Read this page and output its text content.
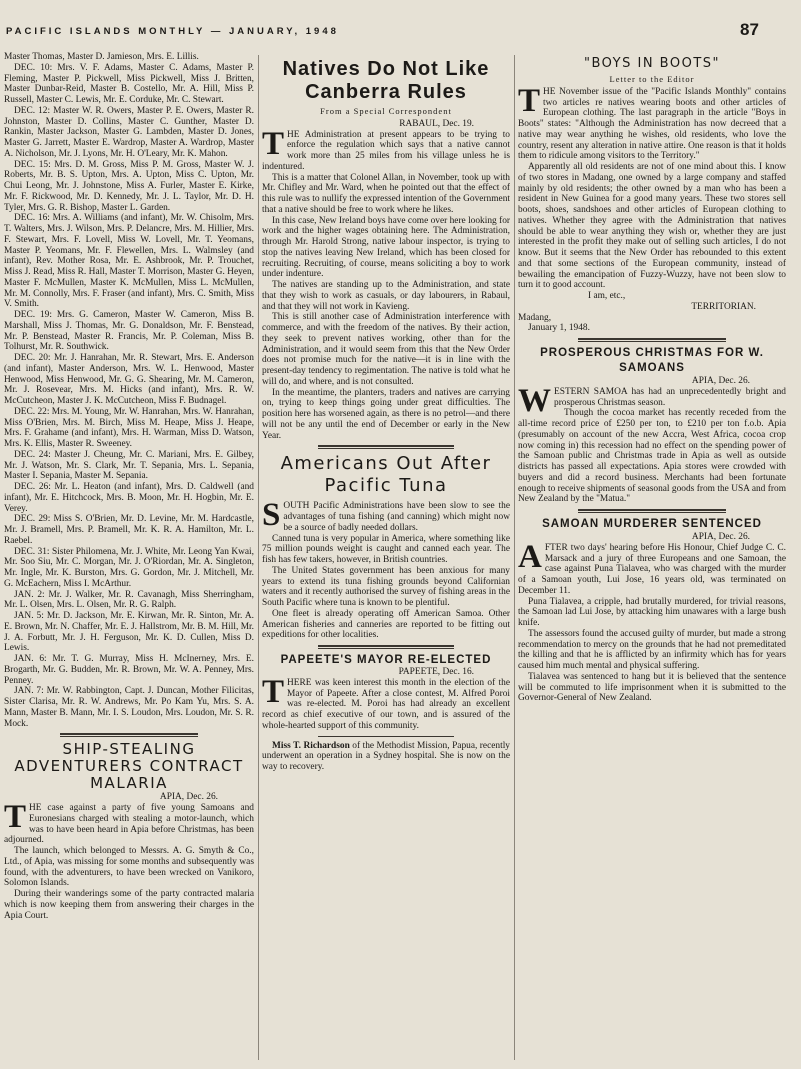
PACIFIC ISLANDS MONTHLY — JANUARY, 1948	87

Master Thomas, Master D. Jamieson, Mrs. E. Lillis.

DEC. 10: Mrs. V. F. Adams, Master C. Adams, Master P. Fleming, Master P. Pickwell, Miss Pickwell, Miss J. Britten, Master Dunbar-Reid, Master B. Costello, Mr. A. Hill, Miss P. Russell, Master C. Lewis, Mr. E. Corduke, Mr. C. Stewart.

DEC. 12: Master W. R. Owers, Master P. E. Owers, Master R. Johnston, Master D. Collins, Master C. Gunther, Master D. Rankin, Master Jackson, Master G. Lambden, Master D. Jones, Master G. Jarrett, Master E. Wardrop, Master A. Wardrop, Master A. Nicholson, Mr. J. Lyons, Mr. H. O'Leary, Mr. K. Mahon.

DEC. 15: Mrs. D. M. Gross, Miss P. M. Gross, Master W. J. Roberts, Mr. B. S. Upton, Mrs. A. Upton, Miss C. Upton, Mr. Chui Leong, Mr. J. Johnstone, Miss A. Furler, Master E. Kirke, Mr. F. Rickwood, Mr. D. Kennedy, Mr. J. L. Taylor, Mr. D. H. Tyler, Mrs. G. R. Bishop, Master L. Garden.

DEC. 16: Mrs. A. Williams (and infant), Mr. W. Chisolm, Mrs. T. Walters, Mrs. J. Wilson, Mrs. P. Delancre, Mrs. M. Hillier, Mrs. F. Stewart, Mrs. F. Lovell, Miss W. Lovell, Mr. T. Yeomans, Master P. Yeomans, Mr. F. Flewellen, Mrs. L. Walmsley (and infant), Rev. Mother Rosa, Mr. E. Ashbrook, Mr. P. Trouchet, Miss J. Read, Miss R. Hall, Master T. Morrison, Master G. Heyen, Master F. McMullen, Master K. McMullen, Miss L. McMullen, Mr. M. Connolly, Mrs. F. Fraser (and infant), Mrs. C. Smith, Miss V. Smith.

DEC. 19: Mrs. G. Cameron, Master W. Cameron, Miss B. Marshall, Miss J. Thomas, Mr. G. Donaldson, Mr. F. Benstead, Mr. P. Benstead, Master R. Francis, Mr. P. Coleman, Miss B. Tolhurst, Mr. R. Southwick.

DEC. 20: Mr. J. Hanrahan, Mr. R. Stewart, Mrs. E. Anderson (and infant), Master Anderson, Mrs. W. L. Henwood, Master Henwood, Miss Henwood, Mr. G. G. Shearing, Mr. M. Cameron, Mr. J. Rosevear, Mrs. M. Hicks (and infant), Mrs. R. W. McCutcheon, Master J. K. McCutcheon, Miss F. Budnagel.

DEC. 22: Mrs. M. Young, Mr. W. Hanrahan, Mrs. W. Hanrahan, Miss O'Brien, Mrs. M. Birch, Miss M. Heape, Miss J. Heape, Mrs. F. Grahame (and infant), Mrs. H. Warman, Miss D. Watson, Mrs. K. Ellis, Master R. Sweeney.

DEC. 24: Master J. Cheung, Mr. C. Mariani, Mrs. E. Gilbey, Mr. J. Watson, Mr. S. Clark, Mr. T. Sepania, Mrs. L. Sepania, Master I. Sepania, Master M. Sepania.

DEC. 26: Mr. L. Heaton (and infant), Mrs. D. Caldwell (and infant), Mr. E. Hitchcock, Mrs. B. Moon, Mr. H. Hogbin, Mr. E. Verey.

DEC. 29: Miss S. O'Brien, Mr. D. Levine, Mr. M. Hardcastle, Mr. J. Bramell, Mrs. P. Bramell, Mr. K. R. A. Hamilton, Mr. L. Raebel.

DEC. 31: Sister Philomena, Mr. J. White, Mr. Leong Yan Kwai, Mr. Soo Siu, Mr. C. Morgan, Mr. J. O'Riordan, Mr. A. Singleton, Mr. Ingle, Mr. K. Burston, Mrs. G. Gordon, Mr. J. Mitchell, Mr. G. McEachern, Miss I. McArthur.

JAN. 2: Mr. J. Walker, Mr. R. Cavanagh, Miss Sherringham, Mr. L. Olsen, Mrs. L. Olsen, Mr. R. G. Ralph.

JAN. 5: Mr. D. Jackson, Mr. E. Kirwan, Mr. R. Sinton, Mr. A. E. Brown, Mr. N. Chaffer, Mr. E. J. Hallstrom, Mr. B. M. Hill, Mr. J. A. Forbutt, Mr. J. H. Ferguson, Mr. K. D. Cullen, Miss D. Lewis.

JAN. 6: Mr. T. G. Murray, Miss H. McInerney, Mrs. E. Brogarth, Mr. G. Budden, Mr. R. Brown, Mr. W. A. Penney, Mrs. Penney.

JAN. 7: Mr. W. Rabbington, Capt. J. Duncan, Mother Filicitas, Sister Clarisa, Mr. R. W. Andrews, Mr. Po Kam Yu, Mrs. S. A. Mann, Master B. Mann, Mr. I. S. Loudon, Mrs. Loudon, Mr. S. R. Mock.

SHIP-STEALING ADVENTURERS CONTRACT MALARIA

APIA, Dec. 26.

THE case against a party of five young Samoans and Euronesians charged with stealing a motor-launch, which was to have been heard in Apia before Christmas, has been adjourned.

The launch, which belonged to Messrs. A. G. Smyth & Co., Ltd., of Apia, was missing for some months and subsequently was found, with the adventurers, to have been wrecked on Vanikoro, Solomon Islands.

During their wanderings some of the party contracted malaria which is now keeping them from answering their charges in the Apia Court.

Natives Do Not Like Canberra Rules

From a Special Correspondent

RABAUL, Dec. 19.

THE Administration at present appears to be trying to enforce the regulation which says that a native cannot work more than 25 miles from his village unless he is indentured.

This is a matter that Colonel Allan, in November, took up with Mr. Chifley and Mr. Ward, when he pointed out that the effect of this rule was to nullify the expressed intention of the Government that a native should be free to work where he likes.

In this case, New Ireland boys have come over here looking for work and the higher wages obtaining here. The Administration, through Mr. Harold Strong, native labour inspector, is trying to stop the natives leaving New Ireland, which has been closed for recruiting. Recruiting, of course, means soliciting a boy to work under indenture.

The natives are standing up to the Administration, and state that they wish to work as casuals, or day labourers, in Rabaul, and that they will not work in Kavieng.

This is still another case of Administration interference with commerce, and with the freedom of the natives. By their action, they seek to prevent natives working, other than for the Administration, and it would seem from this that the New Order does not promise much for the native—it is in line with the present-day tendency to regimentation. The native is told what he will do, and where, and is not consulted.

In the meantime, the planters, traders and natives are carrying on, trying to keep things going under great difficulties. The position here has worsened again, as there is no petrol—and there will not be any until the end of December or early in the New Year.

Americans Out After Pacific Tuna

SOUTH Pacific Administrations have been slow to see the advantages of tuna fishing (and canning) which might now be a source of badly needed dollars.

Canned tuna is very popular in America, where something like 75 million pounds weight is caught and canned each year. The fish has few takers, however, in British countries.

The United States government has been anxious for many years to extend its tuna fishing grounds beyond Californian waters and it recently authorised the survey of fishing areas in the South Pacific where tuna is known to be plentiful.

One fleet is already operating off American Samoa. Other American fisheries and canneries are reported to be fitting out expeditions for other localities.

PAPEETE'S MAYOR RE-ELECTED

PAPEETE, Dec. 16.

THERE was keen interest this month in the election of the Mayor of Papeete. After a close contest, M. Alfred Poroi was re-elected. M. Poroi has had already an excellent record as chief executive of our town, and is assured of the whole-hearted support of this community.

Miss T. Richardson of the Methodist Mission, Papua, recently underwent an operation in a Sydney hospital. She is now on the way to recovery.

"BOYS IN BOOTS"

Letter to the Editor

THE November issue of the "Pacific Islands Monthly" contains two articles re natives wearing boots and other articles of European clothing. The last paragraph in the article "Boys in Boots" states: "Although the Administration has now decreed that a native may wear anything he wishes, old residents, who love the country, resent any alteration in native attire. One reason is that it holds them to ridicule among visitors to the Territory."

Apparently all old residents are not of one mind about this. I know of two stores in Madang, one owned by a large company and staffed mainly by old residents; the other owned by a man who has been a resident in New Guinea for a good many years. These two stores sell boots, shoes, sandshoes and other articles of European clothing to natives. Whether they agree with the Administration that natives should be able to wear anything they wish or, whether they are just interested in the profit they make out of selling such articles, I do not know. But it seems that the New Order has rebounded to this extent and that some sections of the European community, instead of bewailing the emancipation of Fuzzy-Wuzzy, have not been slow to turn it to good account.

I am, etc.,

TERRITORIAN.

Madang,

January 1, 1948.

PROSPEROUS CHRISTMAS FOR W. SAMOANS

APIA, Dec. 26.

WESTERN SAMOA has had an unprecedentedly bright and prosperous Christmas season.

Though the cocoa market has recently receded from the all-time record price of £250 per ton, to £210 per ton f.o.b. Apia (presumably on account of the new Accra, West Africa, cocoa crop now coming in) this recession had no effect on the spending power of the Samoan public and Christmas trade in Apia as well as outside districts has passed all expectations. Apia stores were crowded with buyers and did a record business. Merchants had been fortunate enough to receive shipments of seasonal goods from the USA and from New Zealand by the "Matua."

SAMOAN MURDERER SENTENCED

APIA, Dec. 26.

AFTER two days' hearing before His Honour, Chief Judge C. C. Marsack and a jury of three Europeans and one Samoan, the case against Puna Tialavea, who was charged with the murder of a Samoan youth, Lui Jose, 16 years old, was terminated on December 11.

Puna Tialavea, a cripple, had brutally murdered, for trivial reasons, the Samoan lad Lui Jose, by attacking him unawares with a large bush knife.

The assessors found the accused guilty of murder, but made a strong recommendation to mercy on the grounds that he had not premeditated the killing and that he is afflicted by an infirmity which has for years caused him much mental and physical suffering.

Tialavea was sentenced to hang but it is believed that the sentence will be commuted to life imprisonment when it is submitted to the Governor-General of New Zealand.
